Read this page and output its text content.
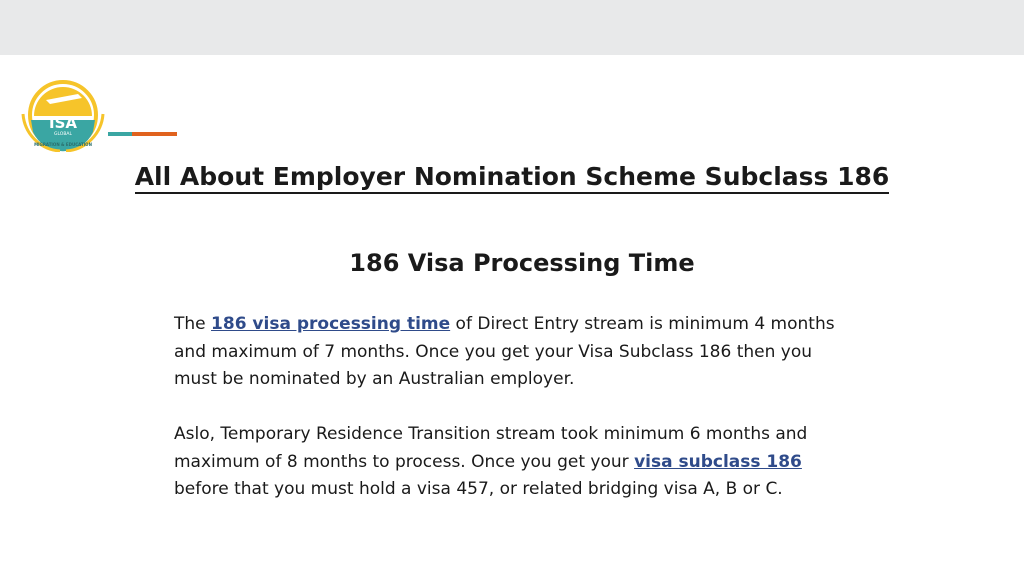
ISA
GLOBAL
MIGRATION & EDUCATION
All About Employer Nomination Scheme Subclass 186
186 Visa Processing Time

The 186 visa processing time of Direct Entry stream is minimum 4 months and maximum of 7 months. Once you get your Visa Subclass 186 then you must be nominated by an Australian employer.

Aslo, Temporary Residence Transition stream took minimum 6 months and maximum of 8 months to process. Once you get your visa subclass 186 before that you must hold a visa 457, or related bridging visa A, B or C.
